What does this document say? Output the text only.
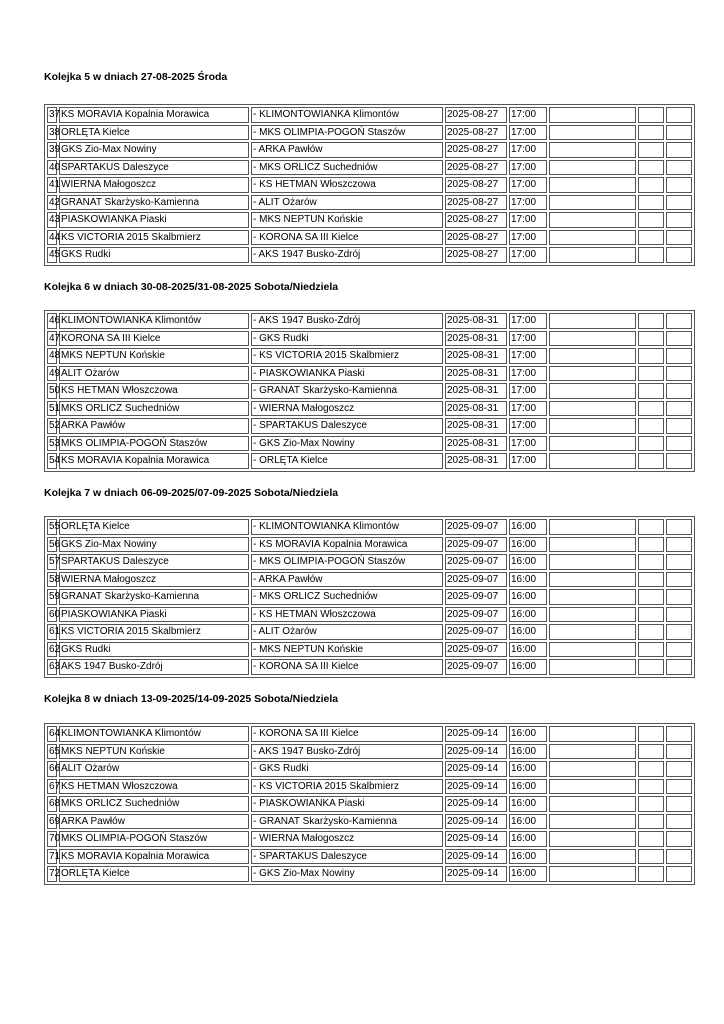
Kolejka 5 w dniach 27-08-2025 Środa
37	KS MORAVIA Kopalnia Morawica	- KLIMONTOWIANKA Klimontów	2025-08-27	17:00			
38	ORLĘTA Kielce	- MKS OLIMPIA-POGOŃ Staszów	2025-08-27	17:00			
39	GKS Zio-Max Nowiny	- ARKA Pawłów	2025-08-27	17:00			
40	SPARTAKUS Daleszyce	- MKS ORLICZ Suchedniów	2025-08-27	17:00			
41	WIERNA Małogoszcz	- KS HETMAN Włoszczowa	2025-08-27	17:00			
42	GRANAT Skarżysko-Kamienna	- ALIT Ożarów	2025-08-27	17:00			
43	PIASKOWIANKA Piaski	- MKS NEPTUN Końskie	2025-08-27	17:00			
44	KS VICTORIA 2015 Skalbmierz	- KORONA SA III Kielce	2025-08-27	17:00			
45	GKS Rudki	- AKS 1947 Busko-Zdrój	2025-08-27	17:00			
Kolejka 6 w dniach 30-08-2025/31-08-2025 Sobota/Niedziela
46	KLIMONTOWIANKA Klimontów	- AKS 1947 Busko-Zdrój	2025-08-31	17:00			
47	KORONA SA III Kielce	- GKS Rudki	2025-08-31	17:00			
48	MKS NEPTUN Końskie	- KS VICTORIA 2015 Skalbmierz	2025-08-31	17:00			
49	ALIT Ożarów	- PIASKOWIANKA Piaski	2025-08-31	17:00			
50	KS HETMAN Włoszczowa	- GRANAT Skarżysko-Kamienna	2025-08-31	17:00			
51	MKS ORLICZ Suchedniów	- WIERNA Małogoszcz	2025-08-31	17:00			
52	ARKA Pawłów	- SPARTAKUS Daleszyce	2025-08-31	17:00			
53	MKS OLIMPIA-POGOŃ Staszów	- GKS Zio-Max Nowiny	2025-08-31	17:00			
54	KS MORAVIA Kopalnia Morawica	- ORLĘTA Kielce	2025-08-31	17:00			
Kolejka 7 w dniach 06-09-2025/07-09-2025 Sobota/Niedziela
55	ORLĘTA Kielce	- KLIMONTOWIANKA Klimontów	2025-09-07	16:00			
56	GKS Zio-Max Nowiny	- KS MORAVIA Kopalnia Morawica	2025-09-07	16:00			
57	SPARTAKUS Daleszyce	- MKS OLIMPIA-POGOŃ Staszów	2025-09-07	16:00			
58	WIERNA Małogoszcz	- ARKA Pawłów	2025-09-07	16:00			
59	GRANAT Skarżysko-Kamienna	- MKS ORLICZ Suchedniów	2025-09-07	16:00			
60	PIASKOWIANKA Piaski	- KS HETMAN Włoszczowa	2025-09-07	16:00			
61	KS VICTORIA 2015 Skalbmierz	- ALIT Ożarów	2025-09-07	16:00			
62	GKS Rudki	- MKS NEPTUN Końskie	2025-09-07	16:00			
63	AKS 1947 Busko-Zdrój	- KORONA SA III Kielce	2025-09-07	16:00			
Kolejka 8 w dniach 13-09-2025/14-09-2025 Sobota/Niedziela
64	KLIMONTOWIANKA Klimontów	- KORONA SA III Kielce	2025-09-14	16:00			
65	MKS NEPTUN Końskie	- AKS 1947 Busko-Zdrój	2025-09-14	16:00			
66	ALIT Ożarów	- GKS Rudki	2025-09-14	16:00			
67	KS HETMAN Włoszczowa	- KS VICTORIA 2015 Skalbmierz	2025-09-14	16:00			
68	MKS ORLICZ Suchedniów	- PIASKOWIANKA Piaski	2025-09-14	16:00			
69	ARKA Pawłów	- GRANAT Skarżysko-Kamienna	2025-09-14	16:00			
70	MKS OLIMPIA-POGOŃ Staszów	- WIERNA Małogoszcz	2025-09-14	16:00			
71	KS MORAVIA Kopalnia Morawica	- SPARTAKUS Daleszyce	2025-09-14	16:00			
72	ORLĘTA Kielce	- GKS Zio-Max Nowiny	2025-09-14	16:00			
